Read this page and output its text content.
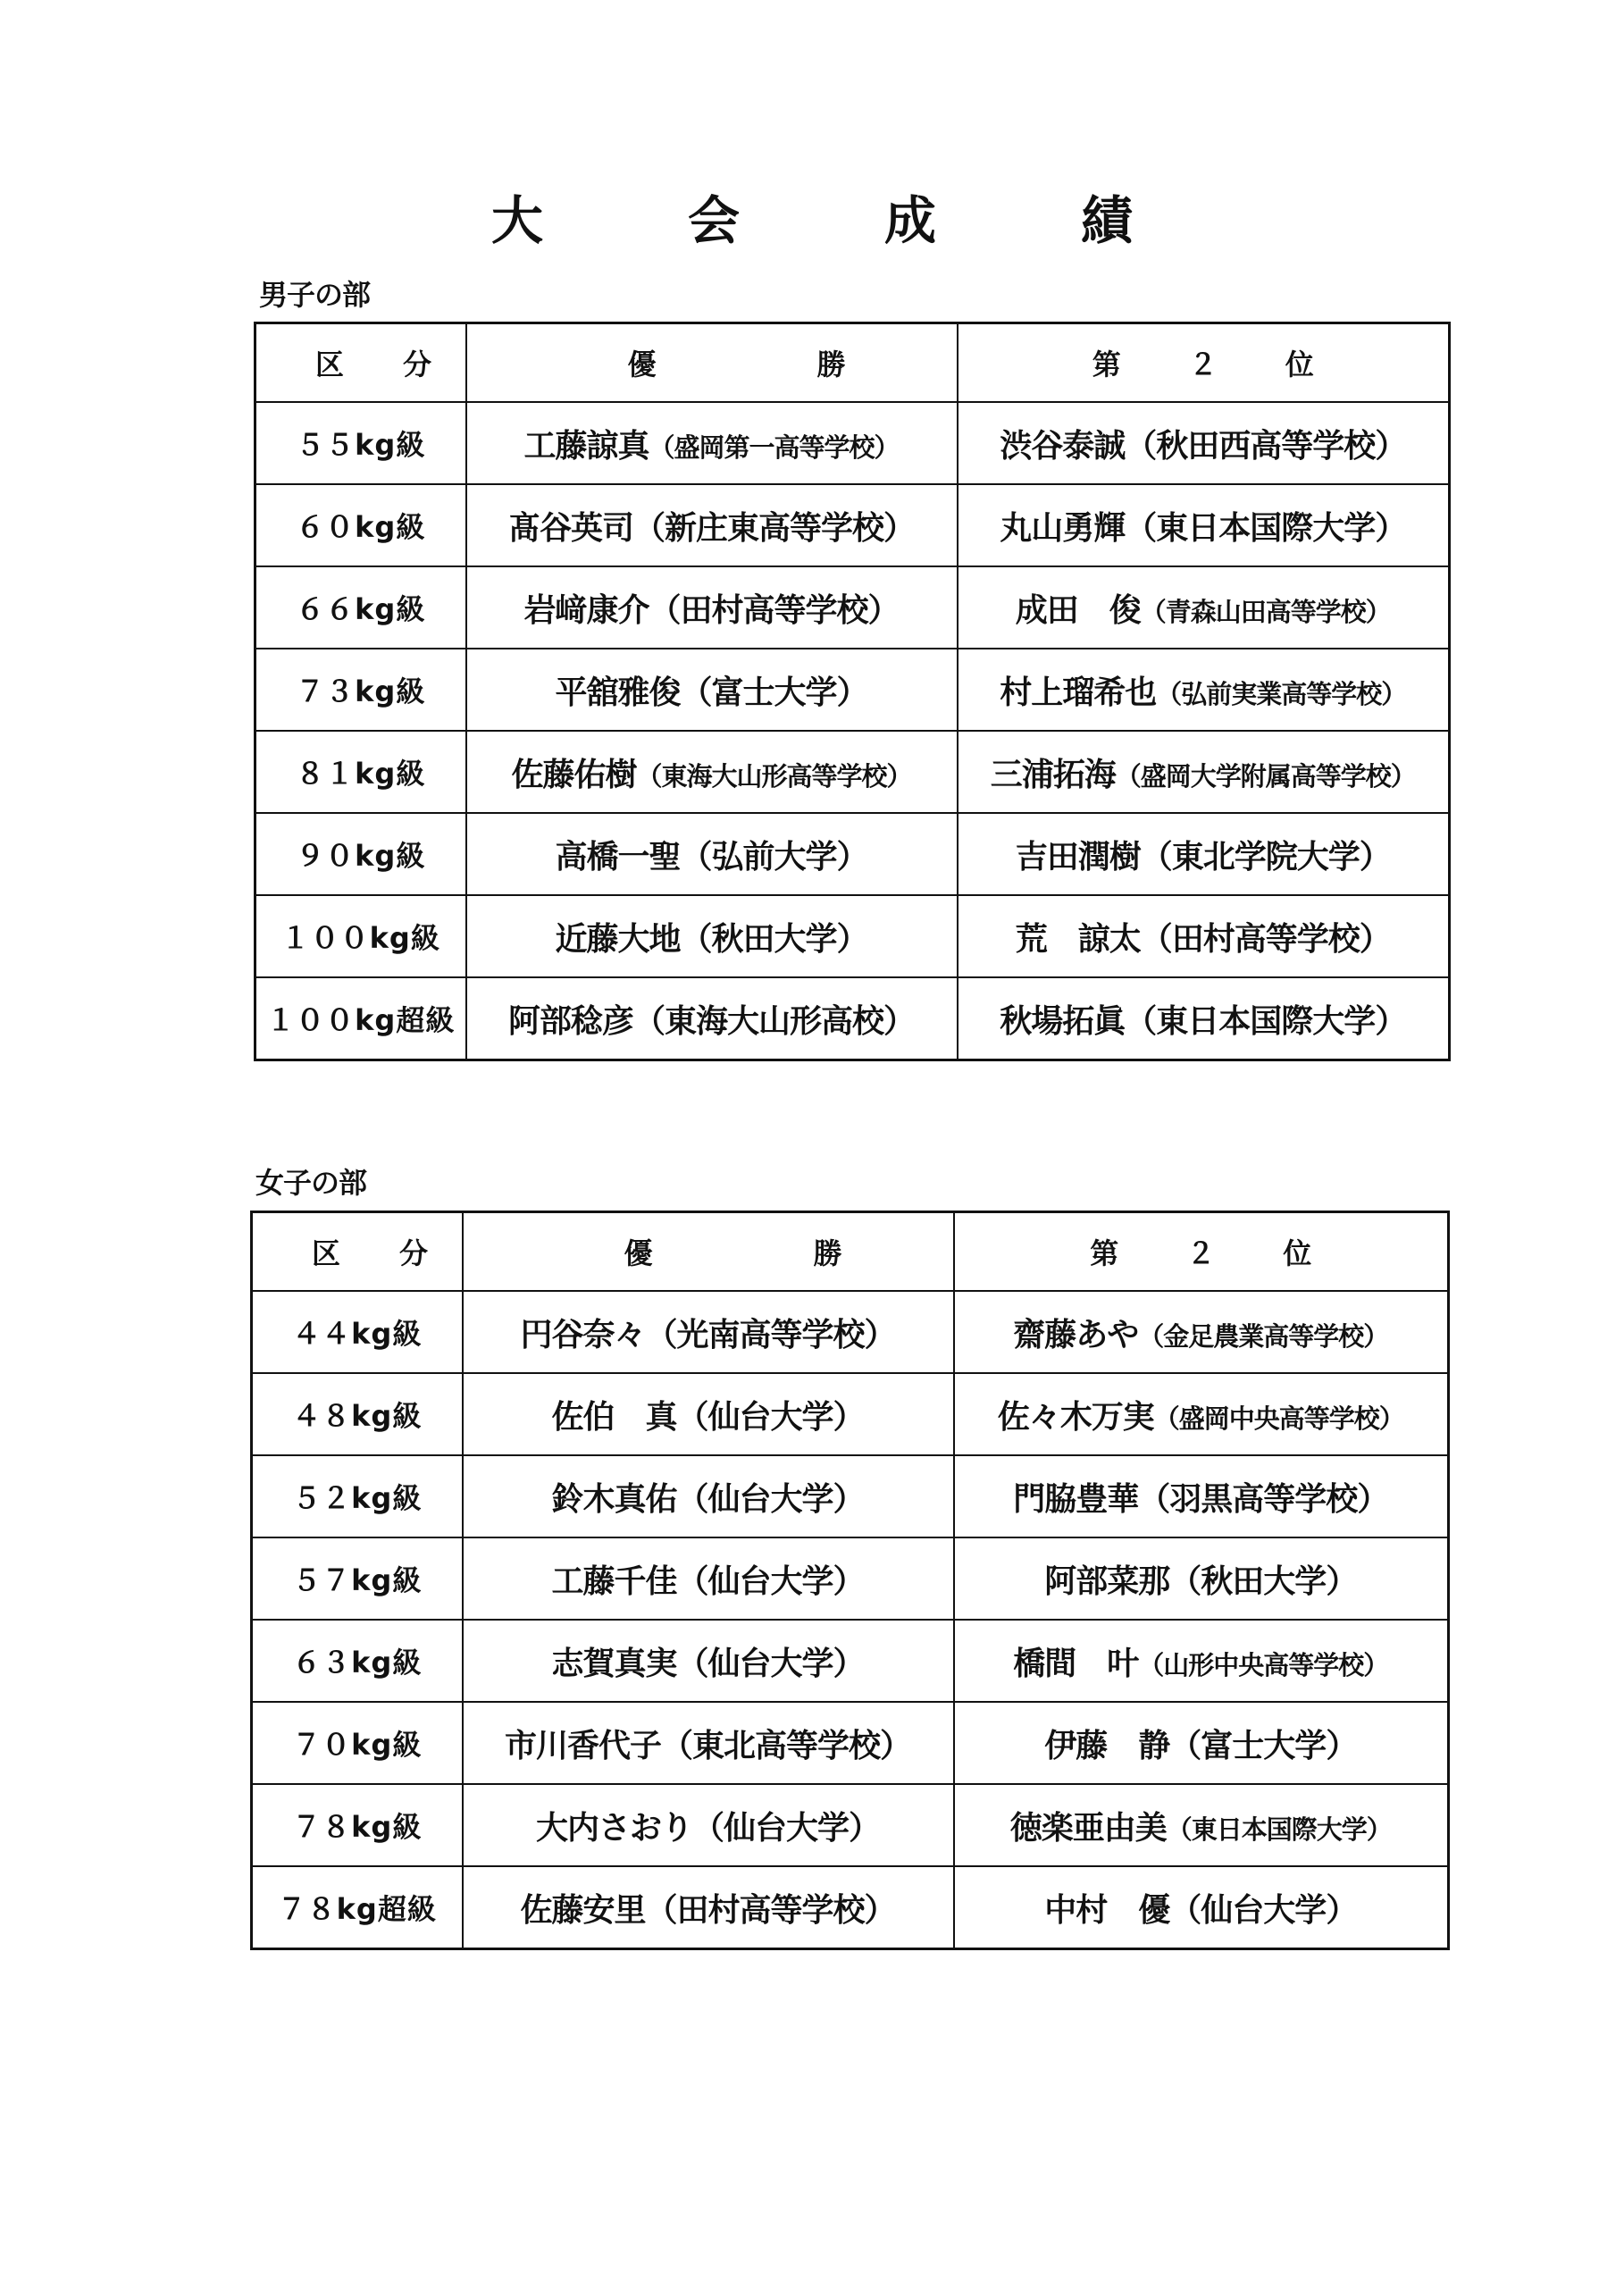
大　会　成　績
男子の部
区分	優勝	第２位
５５kg級	工藤諒真（盛岡第一高等学校）	渋谷泰誠（秋田西高等学校）
６０kg級	髙谷英司（新庄東高等学校）	丸山勇輝（東日本国際大学）
６６kg級	岩﨑康介（田村高等学校）	成田　俊（青森山田高等学校）
７３kg級	平舘雅俊（富士大学）	村上瑠希也（弘前実業高等学校）
８１kg級	佐藤佑樹（東海大山形高等学校）	三浦拓海（盛岡大学附属高等学校）
９０kg級	高橋一聖（弘前大学）	吉田潤樹（東北学院大学）
１００kg級	近藤大地（秋田大学）	荒　諒太（田村高等学校）
１００kg超級	阿部稔彦（東海大山形高校）	秋場拓眞（東日本国際大学）
女子の部
区分	優勝	第２位
４４kg級	円谷奈々（光南高等学校）	齋藤あや（金足農業高等学校）
４８kg級	佐伯　真（仙台大学）	佐々木万実（盛岡中央高等学校）
５２kg級	鈴木真佑（仙台大学）	門脇豊華（羽黒高等学校）
５７kg級	工藤千佳（仙台大学）	阿部菜那（秋田大学）
６３kg級	志賀真実（仙台大学）	橋間　叶（山形中央高等学校）
７０kg級	市川香代子（東北高等学校）	伊藤　静（富士大学）
７８kg級	大内さおり（仙台大学）	徳楽亜由美（東日本国際大学）
７８kg超級	佐藤安里（田村高等学校）	中村　優（仙台大学）
